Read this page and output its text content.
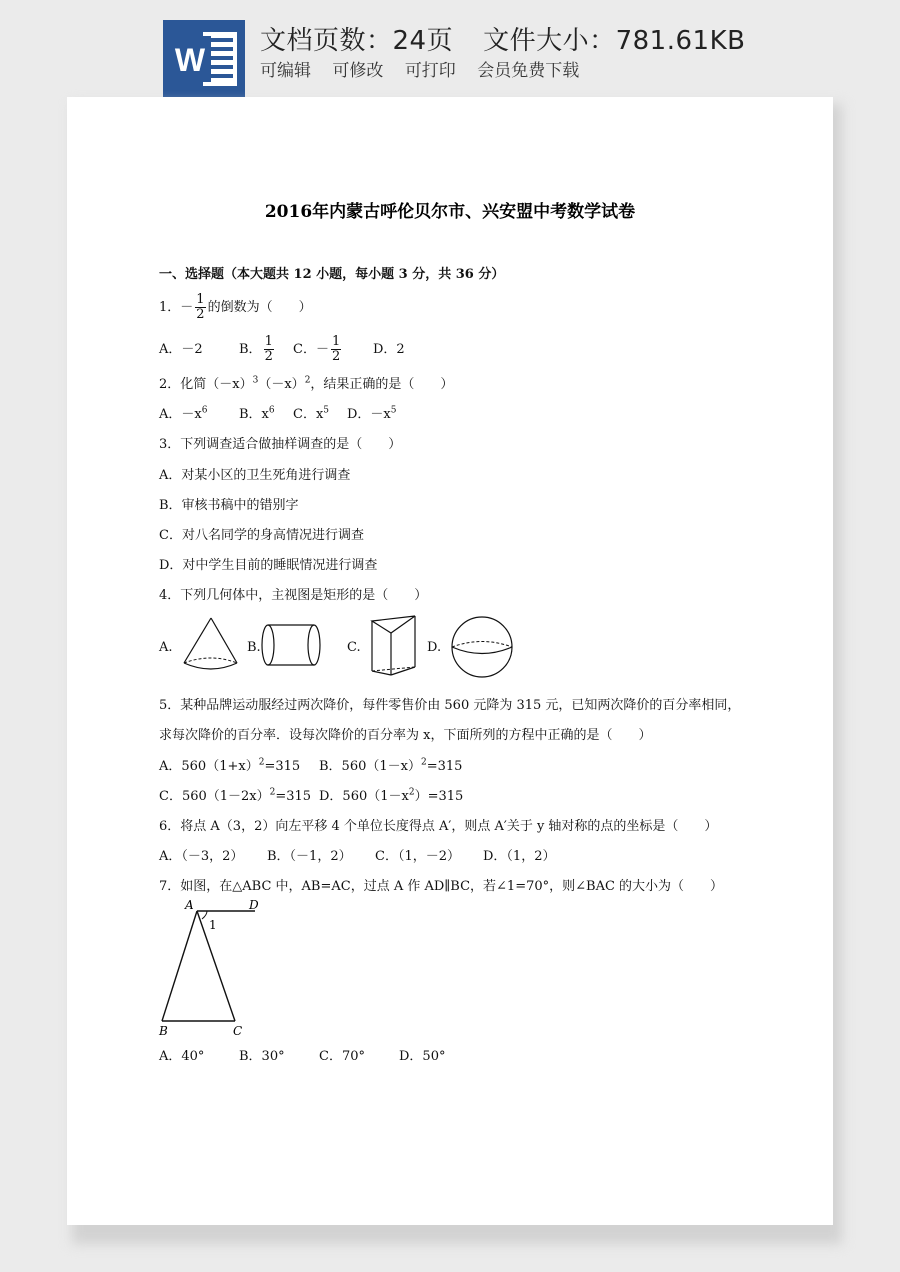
W
文档页数：24页 文件大小：781.61KB
可编辑 可修改 可打印 会员免费下载
2016年内蒙古呼伦贝尔市、兴安盟中考数学试卷
一、选择题（本大题共 12 小题，每小题 3 分，共 36 分）
1．－ $\frac{1}{2}$ 的倒数为（　　）
A．－2	B． $\frac{1}{2}$ C．－ $\frac{1}{2}$ D．2
2．化简$(-x)^3(-x)^2$，结果正确的是（　　）
A．$-x^6$ B．$x^6$ C．$x^5$ D．$-x^5$
3．下列调查适合做抽样调查的是（　　）
A．对某小区的卫生死角进行调查
B．审核书稿中的错别字
C．对八名同学的身高情况进行调查
D．对中学生目前的睡眠情况进行调查
4．下列几何体中，主视图是矩形的是（　　）
A.	B.	C.	D.
5．某种品牌运动服经过两次降价，每件零售价由 560 元降为 315 元，已知两次降价的百分率相同，
求每次降价的百分率．设每次降价的百分率为 x，下面所列的方程中正确的是（　　）
A．$560(1+x)^2=315$ B．$560(1-x)^2=315$
C．$560(1-2x)^2=315$ D．$560(1-x^2)=315$
6．将点 A（3，2）向左平移 4 个单位长度得点 A′，则点 A′关于 y 轴对称的点的坐标是（　　）
A．（－3，2） B．（－1，2） C．（1，－2） D．（1，2）
7．如图，在△ABC 中，AB=AC，过点 A 作 AD∥BC，若∠1=70°，则∠BAC 的大小为（　　）
A	D
1
B	C
A．40°	B．30°	C．70°	D．50°
